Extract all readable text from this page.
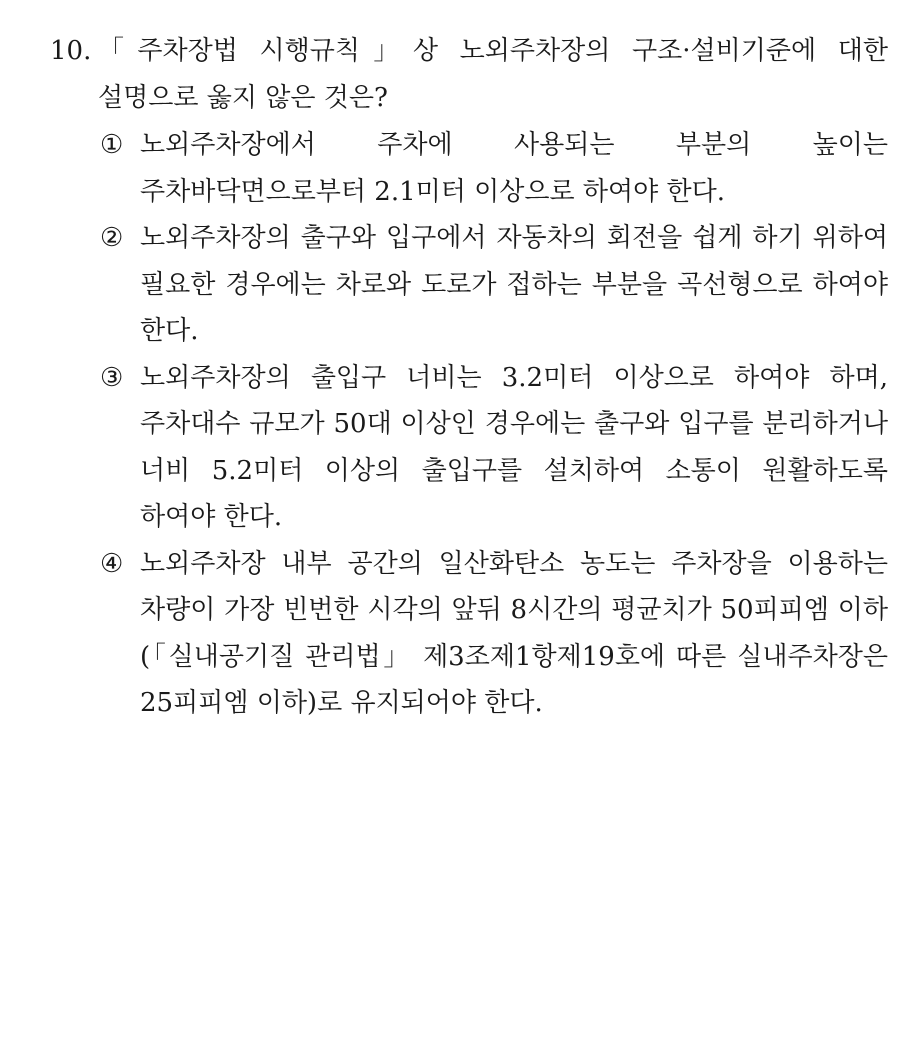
10. 「주차장법 시행규칙」상 노외주차장의 구조·설비기준에 대한 설명으로 옳지 않은 것은?
① 노외주차장에서 주차에 사용되는 부분의 높이는 주차바닥면으로부터 2.1미터 이상으로 하여야 한다.
② 노외주차장의 출구와 입구에서 자동차의 회전을 쉽게 하기 위하여 필요한 경우에는 차로와 도로가 접하는 부분을 곡선형으로 하여야 한다.
③ 노외주차장의 출입구 너비는 3.2미터 이상으로 하여야 하며, 주차대수 규모가 50대 이상인 경우에는 출구와 입구를 분리하거나 너비 5.2미터 이상의 출입구를 설치하여 소통이 원활하도록 하여야 한다.
④ 노외주차장 내부 공간의 일산화탄소 농도는 주차장을 이용하는 차량이 가장 빈번한 시각의 앞뒤 8시간의 평균치가 50피피엠 이하(「실내공기질 관리법」 제3조제1항제19호에 따른 실내주차장은 25피피엠 이하)로 유지되어야 한다.
